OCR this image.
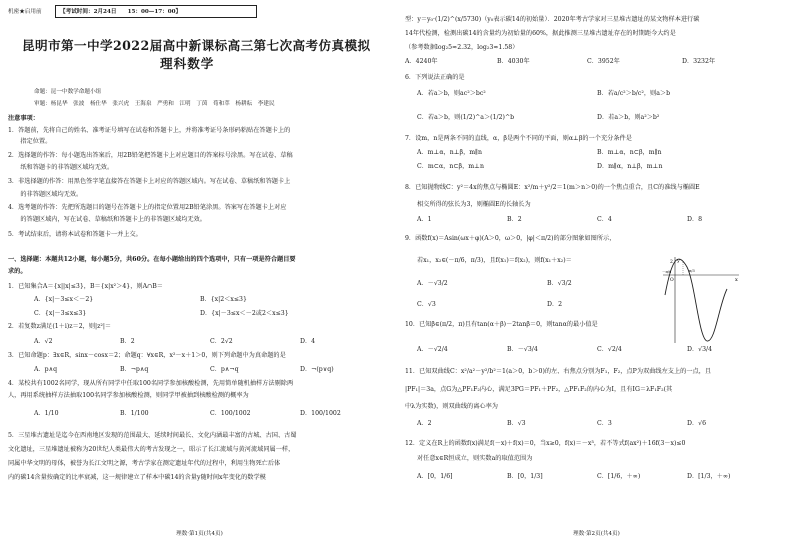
机密★启用前	【考试时间：2月24日　　15：00—17：00】
昆明市第一中学2022届高中新课标高三第七次高考仿真模拟
理科数学
命题：昆一中数学命题小组
审题：杨昆华　张波　杨仕华　张兴虎　王海泉　严勇和　江明　丁茵　荀和萃　杨耕耘　李建民
注意事项：
1．答题前，先将自己的姓名、准考证号填写在试卷和答题卡上，并将准考证号条形码粘贴在答题卡上的
　　指定位置。
2．选择题的作答：每小题选出答案后，用2B铅笔把答题卡上对应题目的答案标号涂黑。写在试卷、草稿
　　纸和答题卡的非答题区域均无效。
3．非选择题的作答：用黑色签字笔直接答在答题卡上对应的答题区域内。写在试卷、草稿纸和答题卡上
　　的非答题区域均无效。
4．选考题的作答：先把所选题目的题号在答题卡上的指定位置用2B铅笔涂黑。答案写在答题卡上对应
　　的答题区域内，写在试卷、草稿纸和答题卡上的非答题区域均无效。
5．考试结束后，请将本试卷和答题卡一并上交。
一、选择题：本题共12小题，每小题5分，共60分。在每小题给出的四个选项中，只有一项是符合题目要
求的。
1．已知集合A＝{x||x|≤3}，B＝{x|x²＞4}，则A∩B＝
A．{x|－3≤x＜－2}	B．{x|2＜x≤3}
C．{x|－3≤x≤3}	D．{x|－3≤x＜－2或2＜x≤3}
2．若复数z满足(1＋i)z＝2，则|z²|＝
A．√2	B．2	C．2√2	D．4
3．已知命题p：∃x∈R，sinx－cosx＝2；命题q：∀x∈R，x²－x＋1＞0，则下列命题中为真命题的是
A．p∧q	B．¬p∧q	C．p∧¬q	D．¬(p∨q)
4．某校共有1002名同学，现从所有同学中任取100名同学参加核酸检测，先用简单随机抽样方法剔除两
人，再用系统抽样方法抽取100名同学参加核酸检测，则同学甲被抽到核酸检测的概率为
A．1/10	B．1/100	C．100/1002	D．100/1002
5．三星堆古遗址是迄今在西南地区发现的范围最大、延续时间最长、文化内涵最丰富的古城、古国、古蜀
文化遗址，三星堆遗址被称为20世纪人类最伟大的考古发现之一，昭示了长江流域与黄河流域同属一样，
同属中华文明的母体，被誉为长江文明之源，考古学家在测定遗址年代的过程中，利用生物死亡后体
内的碳14含量按确定的比率衰减，这一规律建立了样本中碳14的含量y随时间x年变化的数学模
理数·第1页(共4页)
型：y＝y₀·(1/2)^(x/5730)（y₀表示碳14的初始量）．2020年考古学家对三星堆古遗址的某文物样本进行碳
14年代检测，检测出碳14的含量约为初始量的60%，据此推测三星堆古遗址存在的时期距今大约是
（参考数据log₂5≈2.32，log₂3≈1.58）
A．4240年	B．4030年	C．3952年	D．3232年
6．下列说法正确的是
A．若a＞b，则ac²＞bc²	B．若a/c²＞b/c²，则a＞b
C．若a＞b，则(1/2)^a＞(1/2)^b	D．若a＞b，则a²＞b²
7．设m，n是两条不同的直线，α，β是两个不同的平面，则α⊥β的一个充分条件是
A．m⊥α，n⊥β，m∥n	B．m⊥α，n⊂β，m∥n
C．m⊂α，n⊂β，m⊥n	D．m∥α，n⊥β，m⊥n
8．已知抛物线C：y²＝4x的焦点与椭圆E：x²/m＋y²/2＝1(m＞n＞0)的一个焦点重合，且C的准线与椭圆E
相交所得的弦长为3，则椭圆E的长轴长为
A．1	B．2	C．4	D．8
9．函数f(x)＝Asin(ωx＋φ)(A＞0，ω＞0，|φ|＜π/2)的部分图象如图所示，
若x₁，x₂∈(－π/6，π/3)，且f(x₁)＝f(x₂)，则f(x₁＋x₂)＝
A．－√3/2	B．√3/2
C．√3	D．2
y
x
O
2
－π/6	π/3
10．已知β∈(π/2，π)且有tan(α＋β)－2tanβ＝0，则tanα的最小值是
A．－√2/4	B．－√3/4	C．√2/4	D．√3/4
11．已知双曲线C：x²/a²－y²/b²＝1(a＞0，b＞0)的左、右焦点分别为F₁，F₂，点P为双曲线左支上的一点，且
|PF₁|＝3a，点G为△PF₁F₂内心，满足3PG＝PF₁＋PF₂，△PF₁F₂的内心为I，且有IG＝λF₁F₂(其
中λ为实数)，则双曲线的离心率为
A．2	B．√3	C．3	D．√6
12．定义在R上的函数f(x)满足f(－x)＋f(x)＝0，当x≥0，f(x)＝－x³，若不等式f(ax²)＋16f(3－x)≤0
对任意x∈R恒成立，则实数a的取值范围为
A．[0，1/6]	B．[0，1/3]	C．[1/6，＋∞)	D．[1/3，＋∞)
理数·第2页(共4页)
